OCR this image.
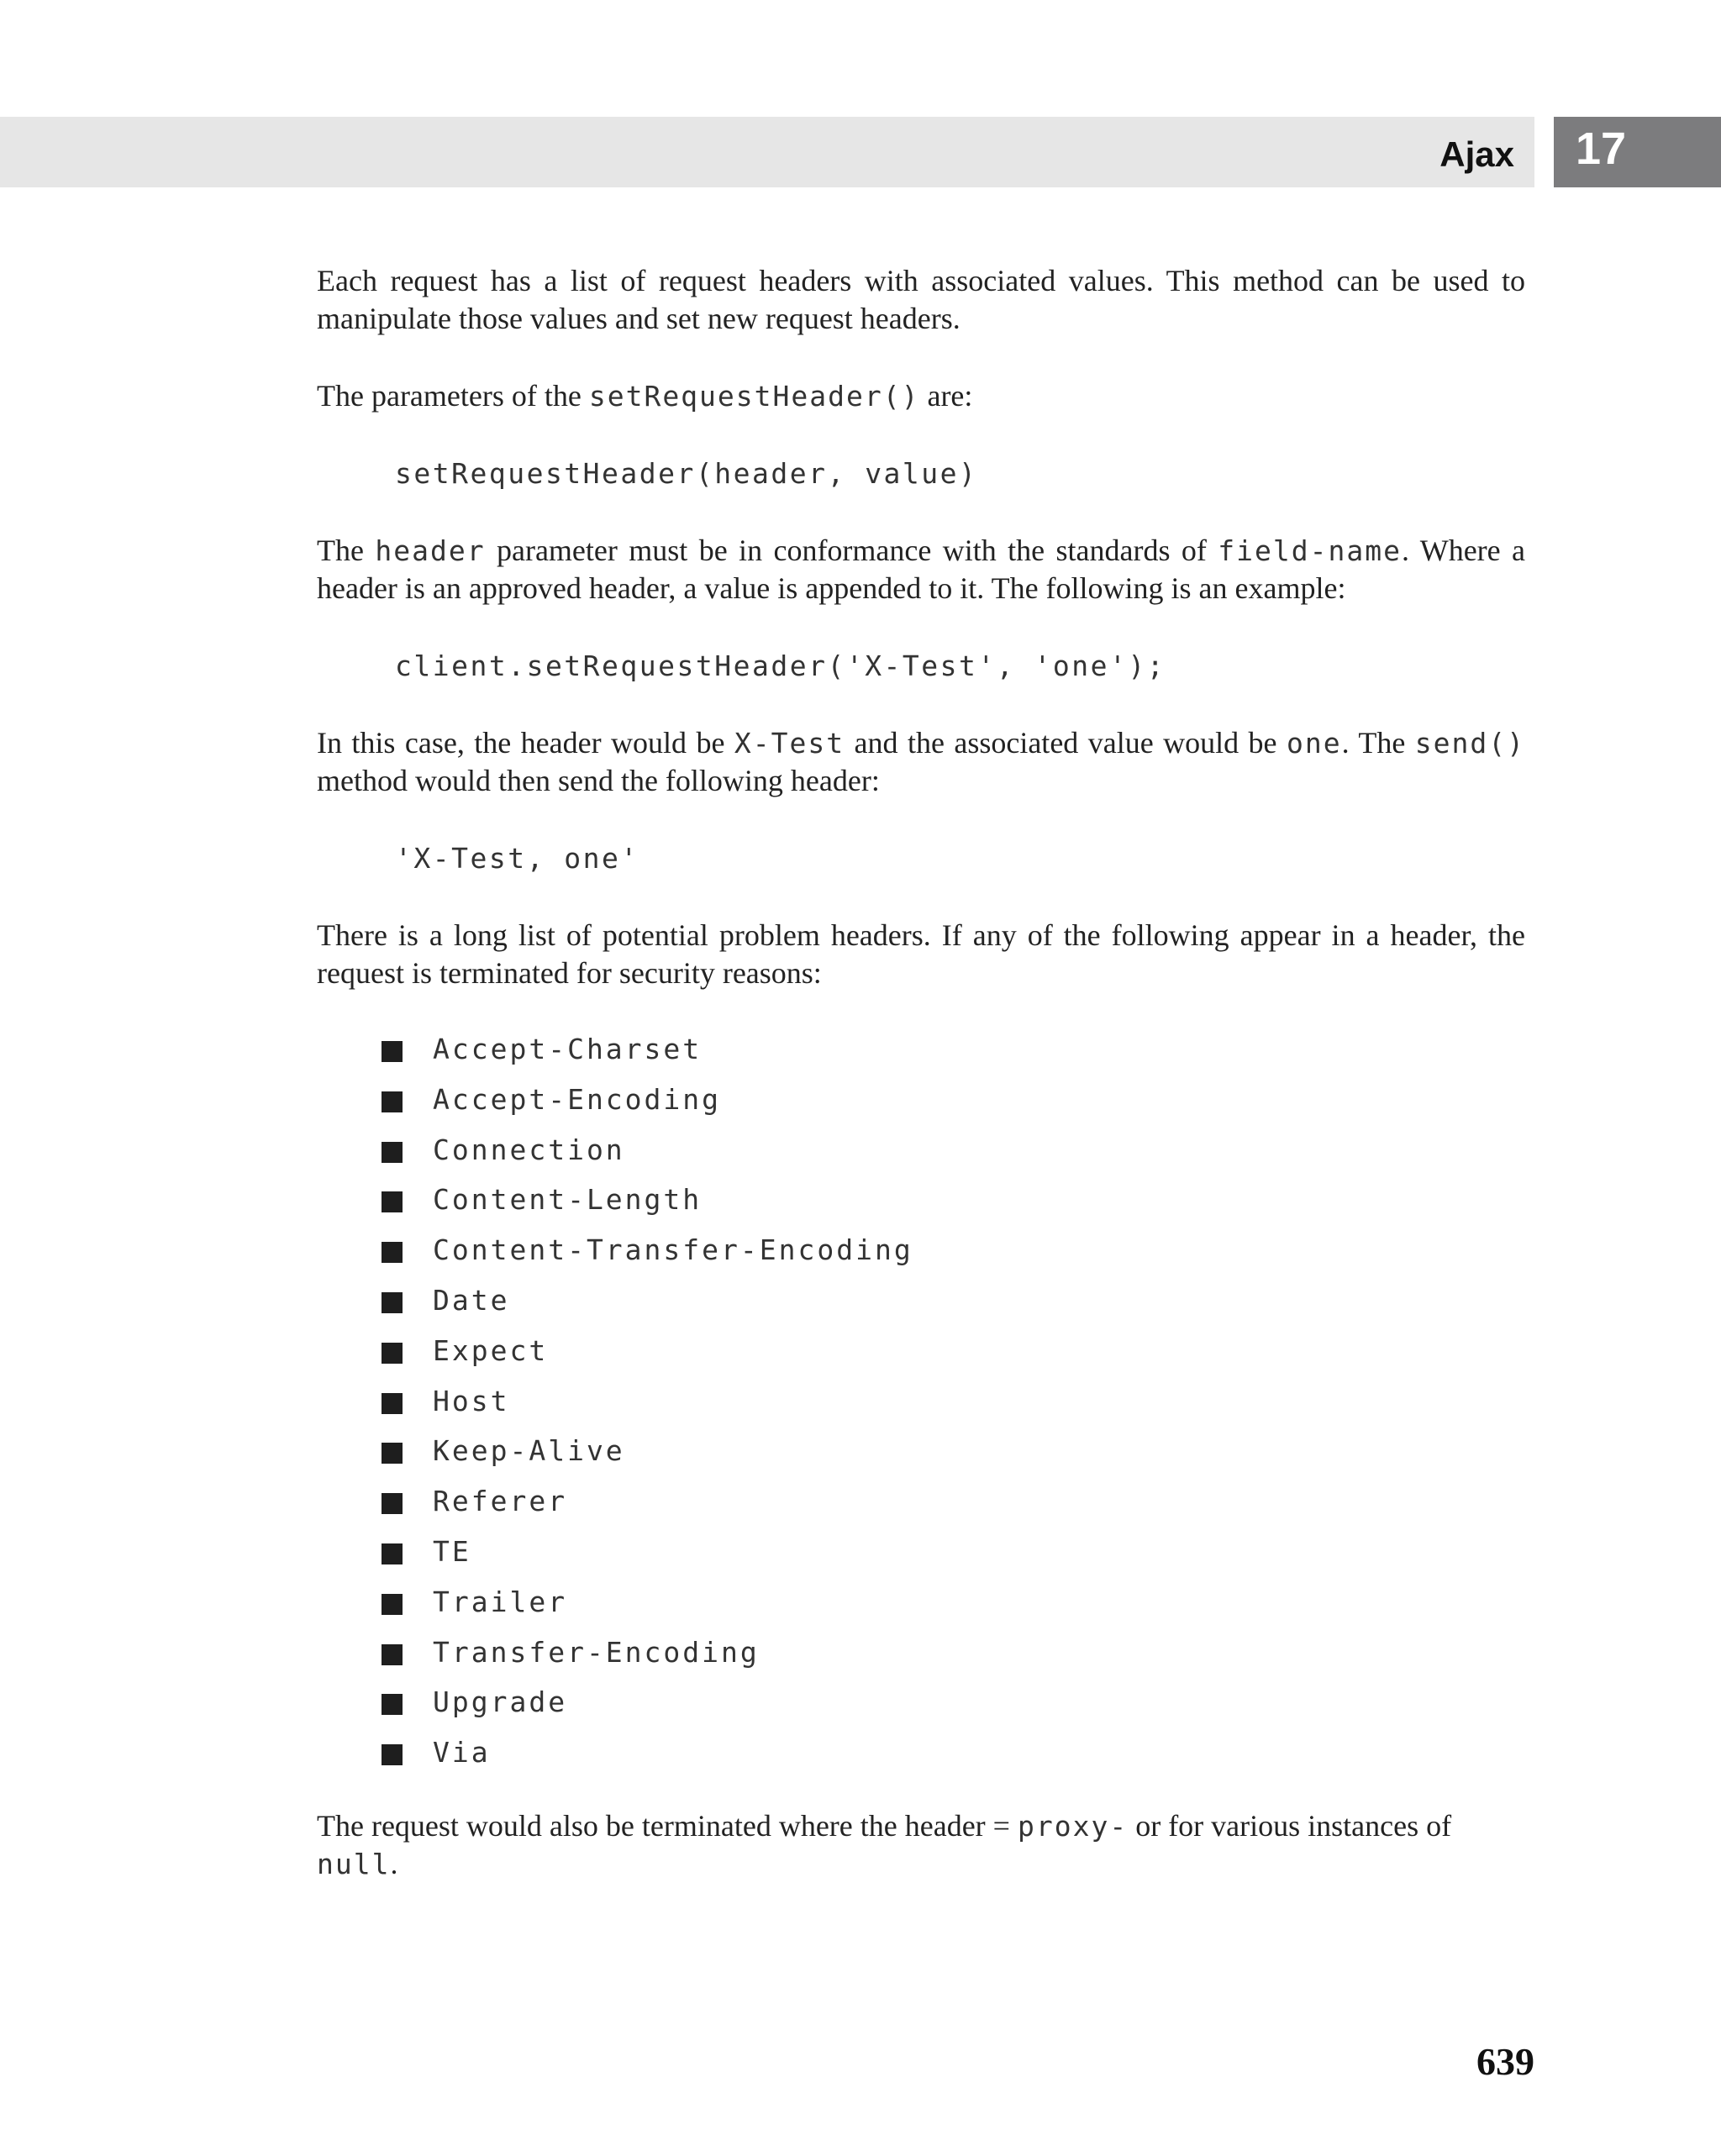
Ajax 17

Each request has a list of request headers with associated values. This method can be used to manipulate those values and set new request headers.

The parameters of the setRequestHeader() are:

setRequestHeader(header, value)

The header parameter must be in conformance with the standards of field-name. Where a header is an approved header, a value is appended to it. The following is an example:

client.setRequestHeader('X-Test', 'one');

In this case, the header would be X-Test and the associated value would be one. The send() method would then send the following header:

'X-Test, one'

There is a long list of potential problem headers. If any of the following appear in a header, the request is terminated for security reasons:

Accept-Charset
Accept-Encoding
Connection
Content-Length
Content-Transfer-Encoding
Date
Expect
Host
Keep-Alive
Referer
TE
Trailer
Transfer-Encoding
Upgrade
Via

The request would also be terminated where the header = proxy- or for various instances of null.

639
